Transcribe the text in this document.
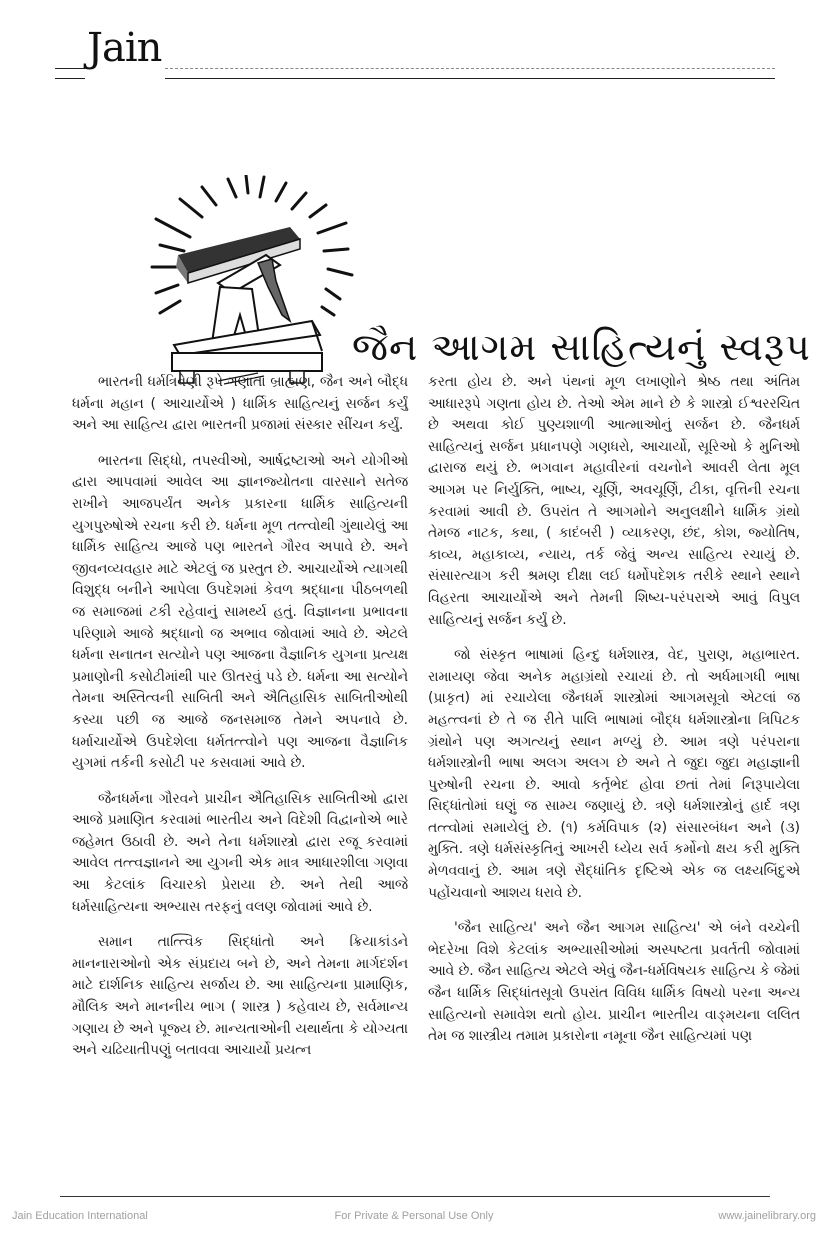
Jain
જૈન આગમ સાહિત્યનું સ્વરૂપ

ભારતની ધર્મત્રિવેણી રૂપે ગણાતા બ્રાહ્મણ, જૈન અને બૌદ્ધ ધર્મના મહાન ( આચાર્યોએ ) ધાર્મિક સાહિત્યનું સર્જન કર્યું અને આ સાહિત્ય દ્વારા ભારતની પ્રજામાં સંસ્કાર સીંચન કર્યું.

ભારતના સિદ્ધો, તપસ્વીઓ, આર્ષદ્રષ્ટાઓ અને યોગીઓ દ્વારા આપવામાં આવેલ આ જ્ઞાનજ્યોતના વારસાને સતેજ રાખીને આજપર્યંત અનેક પ્રકારના ધાર્મિક સાહિત્યની યુગપુરુષોએ રચના કરી છે. ધર્મના મૂળ તત્ત્વોથી ગુંથાયેલું આ ધાર્મિક સાહિત્ય આજે પણ ભારતને ગૌરવ અપાવે છે. અને જીવનવ્યવહાર માટે એટલું જ પ્રસ્તુત છે. આચાર્યોએ ત્યાગથી વિશુદ્ધ બનીને આપેલા ઉપદેશમાં કેવળ શ્રદ્ધાના પીઠબળથી જ સમાજમાં ટકી રહેવાનું સામર્થ્ય હતું. વિજ્ઞાનના પ્રભાવના પરિણામે આજે શ્રદ્ધાનો જ અભાવ જોવામાં આવે છે. એટલે ધર્મના સનાતન સત્યોને પણ આજના વૈજ્ઞાનિક યુગના પ્રત્યક્ષ પ્રમાણોની કસોટીમાંથી પાર ઊતરવું પડે છે. ધર્મના આ સત્યોને તેમના અસ્તિત્વની સાબિતી અને ઐતિહાસિક સાબિતીઓથી કસ્યા પછી જ આજે જનસમાજ તેમને અપનાવે છે. ધર્માચાર્યોએ ઉપદેશેલા ધર્મતત્ત્વોને પણ આજના વૈજ્ઞાનિક યુગમાં તર્કની કસોટી પર કસવામાં આવે છે.

જૈનધર્મના ગૌરવને પ્રાચીન ઐતિહાસિક સાબિતીઓ દ્વારા આજે પ્રમાણિત કરવામાં ભારતીય અને વિદેશી વિદ્વાનોએ ભારે જહેમત ઉઠાવી છે. અને તેના ધર્મશાસ્ત્રો દ્વારા રજૂ કરવામાં આવેલ તત્ત્વજ્ઞાનને આ યુગની એક માત્ર આધારશીલા ગણવા આ કેટલાંક વિચારકો પ્રેરાયા છે. અને તેથી આજે ધર્મસાહિત્યના અભ્યાસ તરફનું વલણ જોવામાં આવે છે.

સમાન તાત્ત્વિક સિદ્ધાંતો અને ક્રિયાકાંડને માનનારાઓનો એક સંપ્રદાય બને છે, અને તેમના માર્ગદર્શન માટે દાર્શનિક સાહિત્ય સર્જાય છે. આ સાહિત્યના પ્રામાણિક, મૌલિક અને માનનીય ભાગ ( શાસ્ત્ર ) કહેવાય છે, સર્વમાન્ય ગણાય છે અને પૂજ્ય છે. માન્યતાઓની યથાર્થતા કે યોગ્યતા અને ચઢિયાતીપણું બતાવવા આચાર્યો પ્રયત્ન

કરતા હોય છે. અને પંથનાં મૂળ લખાણોને શ્રેષ્ઠ તથા અંતિમ આધારરૂપે ગણતા હોય છે. તેઓ એમ માને છે કે શાસ્ત્રો ઈશ્વરરચિત છે અથવા કોઈ પુણ્યશાળી આત્માઓનું સર્જન છે. જૈનધર્મ સાહિત્યનું સર્જન પ્રધાનપણે ગણધરો, આચાર્યો, સૂરિઓ કે મુનિઓ દ્વારાજ થયું છે. ભગવાન મહાવીરનાં વચનોને આવરી લેતા મૂલ આગમ પર નિર્યુક્તિ, ભાષ્ય, ચૂર્ણિ, અવચૂર્ણિ, ટીકા, વૃત્તિની રચના કરવામાં આવી છે. ઉપરાંત તે આગમોને અનુલક્ષીને ધાર્મિક ગ્રંથો તેમજ નાટક, કથા, ( કાદંબરી ) વ્યાકરણ, છંદ, કોશ, જ્યોતિષ, કાવ્ય, મહાકાવ્ય, ન્યાય, તર્ક જેવું અન્ય સાહિત્ય રચાયું છે. સંસારત્યાગ કરી શ્રમણ દીક્ષા લઈ ધર્મોપદેશક તરીકે સ્થાને સ્થાને વિહરતા આચાર્યોએ અને તેમની શિષ્ય-પરંપરાએ આવું વિપુલ સાહિત્યનું સર્જન કર્યું છે.

જો સંસ્કૃત ભાષામાં હિન્દુ ધર્મશાસ્ત્ર, વેદ, પુરાણ, મહાભારત. રામાયણ જેવા અનેક મહાગ્રંથો રચાયાં છે. તો અર્ધમાગધી ભાષા (પ્રાકૃત) માં રચાયેલા જૈનધર્મ શાસ્ત્રોમાં આગમસૂત્રો એટલાં જ મહત્ત્વનાં છે તે જ રીતે પાલિ ભાષામાં બૌદ્ધ ધર્મશાસ્ત્રોના ત્રિપિટક ગ્રંથોને પણ અગત્યનું સ્થાન મળ્યું છે. આમ ત્રણે પરંપરાના ધર્મશાસ્ત્રોની ભાષા અલગ અલગ છે અને તે જુદા જુદા મહાજ્ઞાની પુરુષોની રચના છે. આવો કર્તૃભેદ હોવા છતાં તેમાં નિરૂપાયેલા સિદ્ધાંતોમાં ઘણું જ સામ્ય જણાયું છે. ત્રણે ધર્મશાસ્ત્રોનું હાર્દ ત્રણ તત્ત્વોમાં સમાયેલું છે. (૧) કર્મવિપાક (૨) સંસારબંધન અને (૩) મુક્તિ. ત્રણે ધર્મસંસ્કૃતિનું આખરી ધ્યેય સર્વ કર્મોનો ક્ષય કરી મુક્તિ મેળવવાનું છે. આમ ત્રણે સૈદ્ધાંતિક દૃષ્ટિએ એક જ લક્ષ્યબિંદુએ પહોંચવાનો આશય ધરાવે છે.

'જૈન સાહિત્ય' અને જૈન આગમ સાહિત્ય' એ બંને વચ્ચેની ભેદરેખા વિશે કેટલાંક અભ્યાસીઓમાં અસ્પષ્ટતા પ્રવર્તતી જોવામાં આવે છે. જૈન સાહિત્ય એટલે એવું જૈન-ધર્મવિષયક સાહિત્ય કે જેમાં જૈન ધાર્મિક સિદ્ધાંતસૂત્રો ઉપરાંત વિવિધ ધાર્મિક વિષયો પરના અન્ય સાહિત્યનો સમાવેશ થતો હોય. પ્રાચીન ભારતીય વાઙ્મયના લલિત તેમ જ શાસ્ત્રીય તમામ પ્રકારોના નમૂના જૈન સાહિત્યમાં પણ

Jain Education International	For Private & Personal Use Only	www.jainelibrary.org
